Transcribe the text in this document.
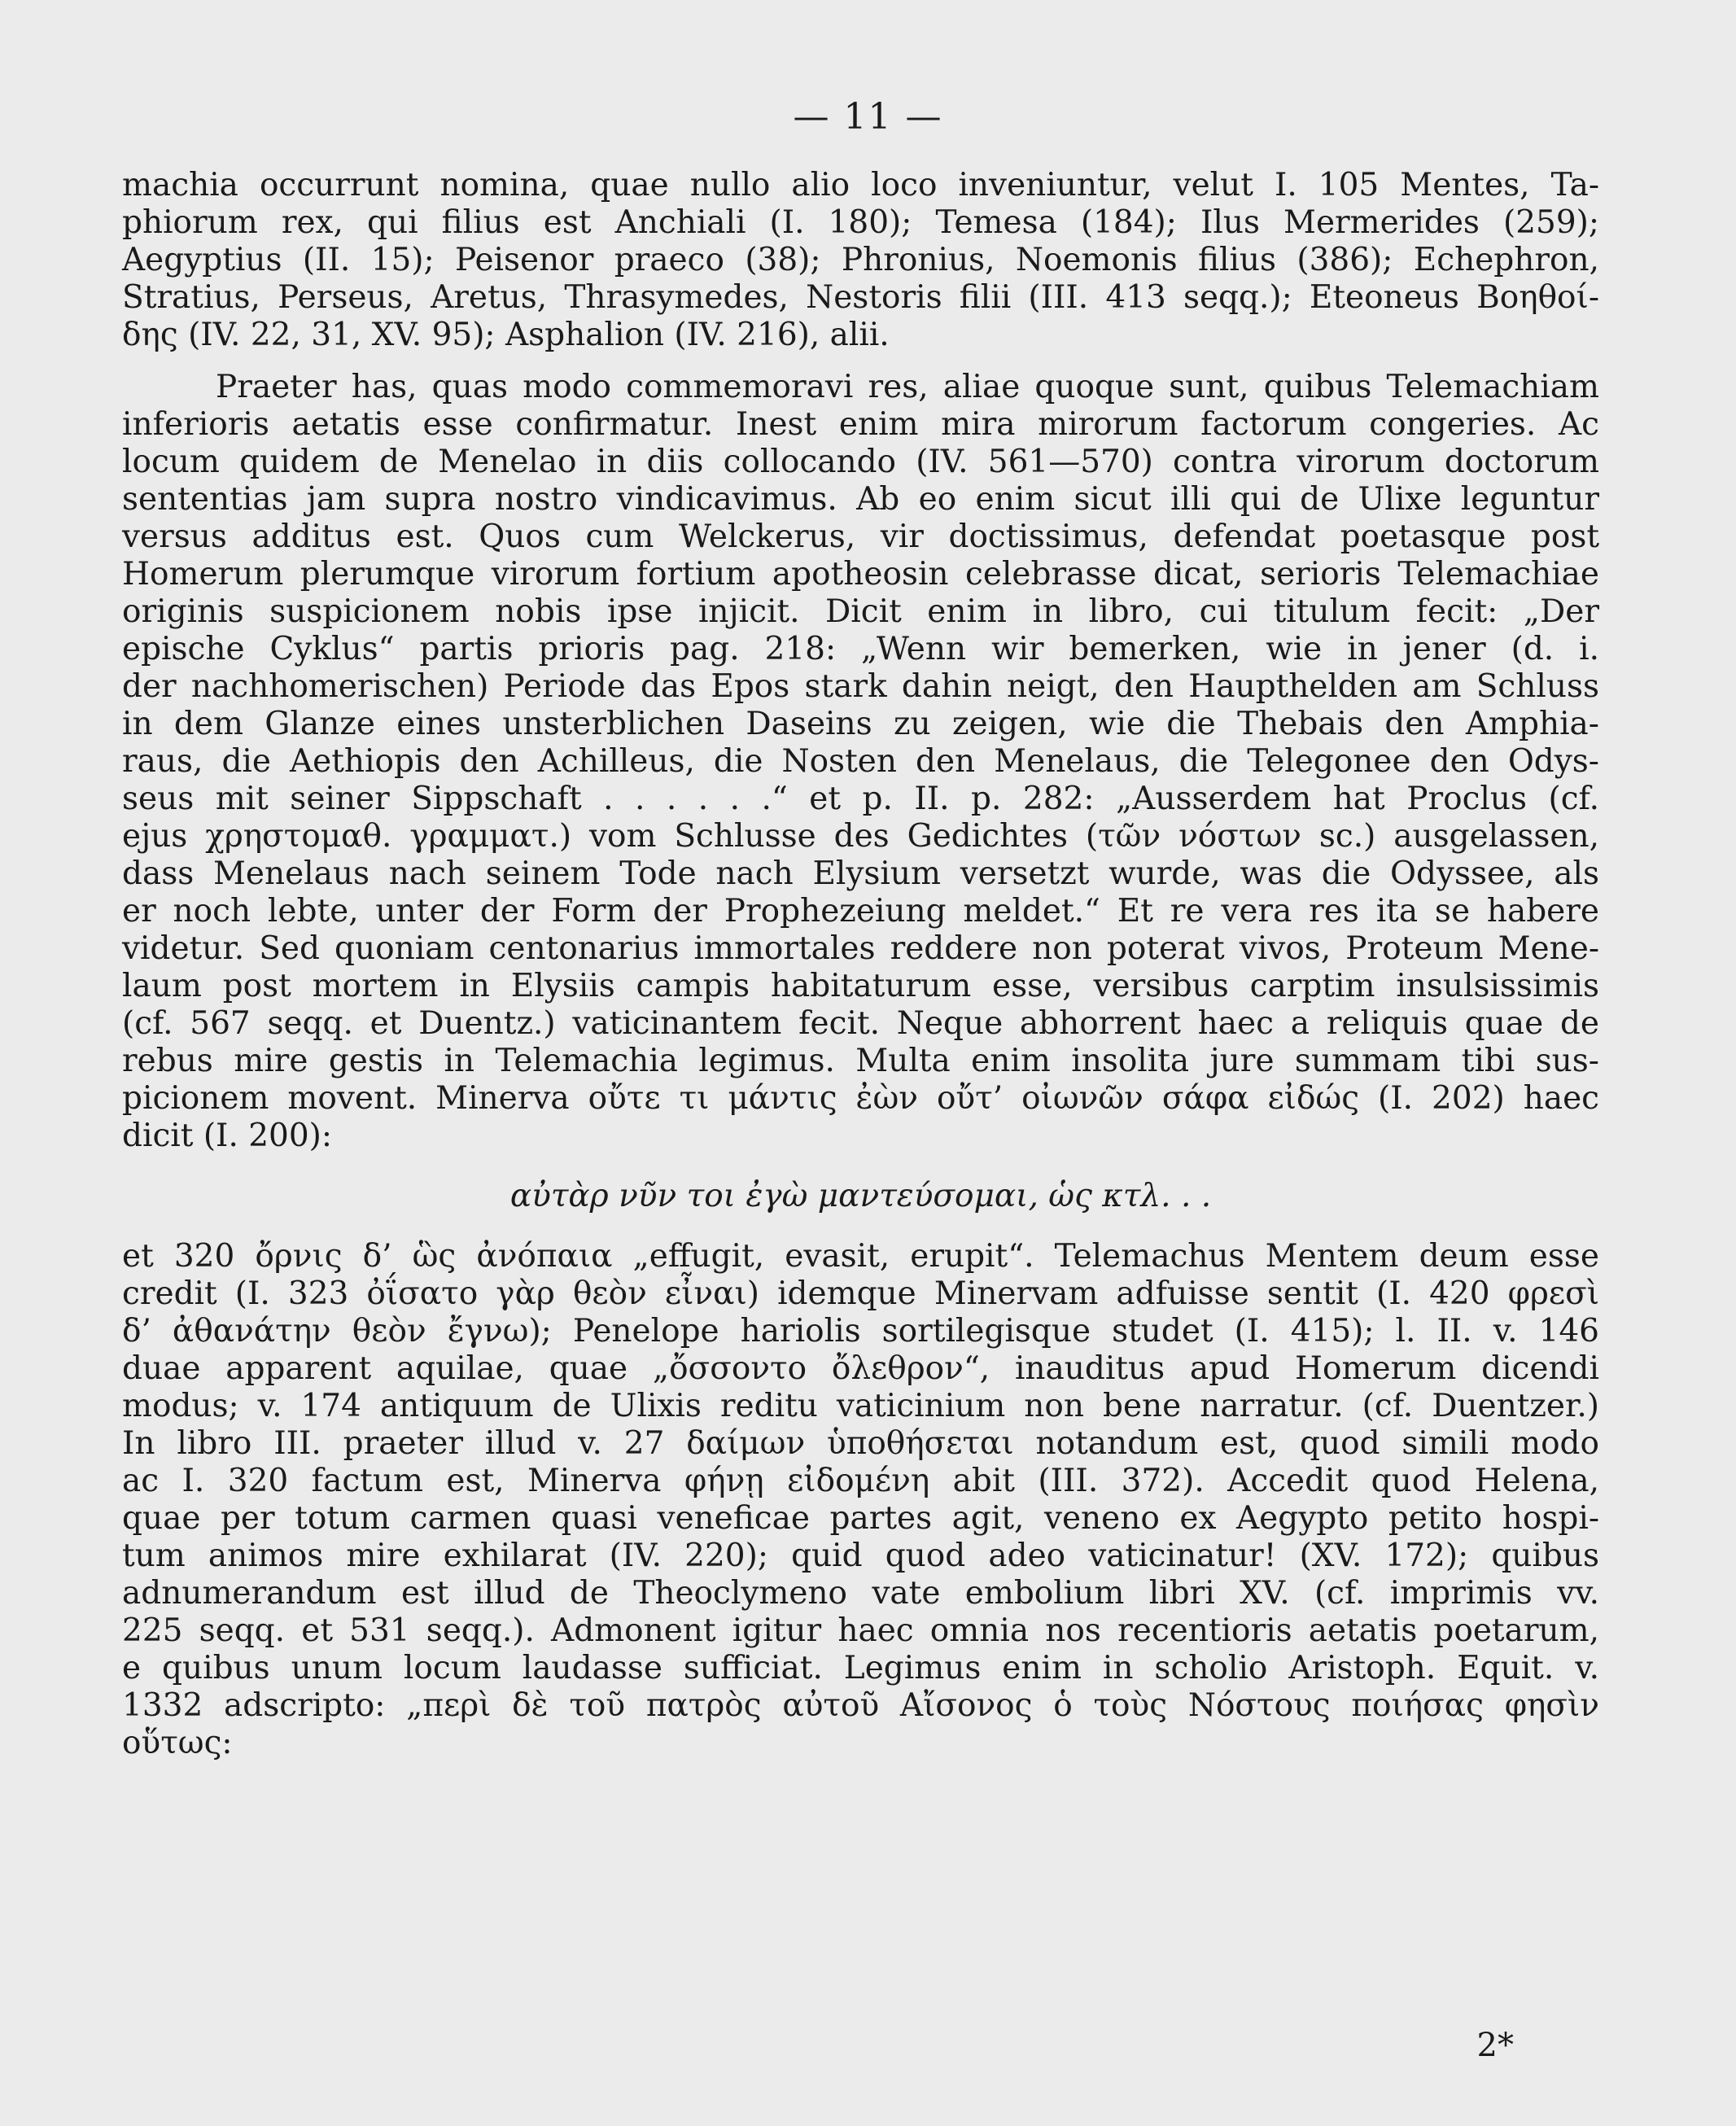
— 11 —
machia occurrunt nomina, quae nullo alio loco inveniuntur, velut I. 105 Mentes, Ta-
phiorum rex, qui filius est Anchiali (I. 180); Temesa (184); Ilus Mermerides (259);
Aegyptius (II. 15); Peisenor praeco (38); Phronius, Noemonis filius (386); Echephron,
Stratius, Perseus, Aretus, Thrasymedes, Nestoris filii (III. 413 seqq.); Eteoneus Βοηθοί-
δης (IV. 22, 31, XV. 95); Asphalion (IV. 216), alii.
Praeter has, quas modo commemoravi res, aliae quoque sunt, quibus Telemachiam
inferioris aetatis esse confirmatur. Inest enim mira mirorum factorum congeries. Ac
locum quidem de Menelao in diis collocando (IV. 561—570) contra virorum doctorum
sententias jam supra nostro vindicavimus. Ab eo enim sicut illi qui de Ulixe leguntur
versus additus est. Quos cum Welckerus, vir doctissimus, defendat poetasque post
Homerum plerumque virorum fortium apotheosin celebrasse dicat, serioris Telemachiae
originis suspicionem nobis ipse injicit. Dicit enim in libro, cui titulum fecit: „Der
epische Cyklus“ partis prioris pag. 218: „Wenn wir bemerken, wie in jener (d. i.
der nachhomerischen) Periode das Epos stark dahin neigt, den Haupthelden am Schluss
in dem Glanze eines unsterblichen Daseins zu zeigen, wie die Thebais den Amphia-
raus, die Aethiopis den Achilleus, die Nosten den Menelaus, die Telegonee den Odys-
seus mit seiner Sippschaft . . . . . .“ et p. II. p. 282: „Ausserdem hat Proclus (cf.
ejus χρηστομαθ. γραμματ.) vom Schlusse des Gedichtes (τῶν νόστων sc.) ausgelassen,
dass Menelaus nach seinem Tode nach Elysium versetzt wurde, was die Odyssee, als
er noch lebte, unter der Form der Prophezeiung meldet.“ Et re vera res ita se habere
videtur. Sed quoniam centonarius immortales reddere non poterat vivos, Proteum Mene-
laum post mortem in Elysiis campis habitaturum esse, versibus carptim insulsissimis
(cf. 567 seqq. et Duentz.) vaticinantem fecit. Neque abhorrent haec a reliquis quae de
rebus mire gestis in Telemachia legimus. Multa enim insolita jure summam tibi sus-
picionem movent. Minerva οὔτε τι μάντις ἐὼν οὔτ’ οἰωνῶν σάφα εἰδώς (I. 202) haec
dicit (I. 200):
αὐτὰρ νῦν τοι ἐγὼ μαντεύσομαι, ὡς κτλ. . .
et 320 ὄρνις δ’ ὣς ἀνόπαια „effugit, evasit, erupit“. Telemachus Mentem deum esse
credit (I. 323 ὀΐσατο γὰρ θεὸν εἶναι) idemque Minervam adfuisse sentit (I. 420 φρεσὶ
δ’ ἀθανάτην θεὸν ἔγνω); Penelope hariolis sortilegisque studet (I. 415); l. II. v. 146
duae apparent aquilae, quae „ὄσσοντο ὄλεθρον“, inauditus apud Homerum dicendi
modus; v. 174 antiquum de Ulixis reditu vaticinium non bene narratur. (cf. Duentzer.)
In libro III. praeter illud v. 27 δαίμων ὑποθήσεται notandum est, quod simili modo
ac I. 320 factum est, Minerva φήνῃ εἰδομένη abit (III. 372). Accedit quod Helena,
quae per totum carmen quasi veneficae partes agit, veneno ex Aegypto petito hospi-
tum animos mire exhilarat (IV. 220); quid quod adeo vaticinatur! (XV. 172); quibus
adnumerandum est illud de Theoclymeno vate embolium libri XV. (cf. imprimis vv.
225 seqq. et 531 seqq.). Admonent igitur haec omnia nos recentioris aetatis poetarum,
e quibus unum locum laudasse sufficiat. Legimus enim in scholio Aristoph. Equit. v.
1332 adscripto: „περὶ δὲ τοῦ πατρὸς αὐτοῦ Αἴσονος ὁ τοὺς Νόστους ποιήσας φησὶν
οὕτως:
2*
